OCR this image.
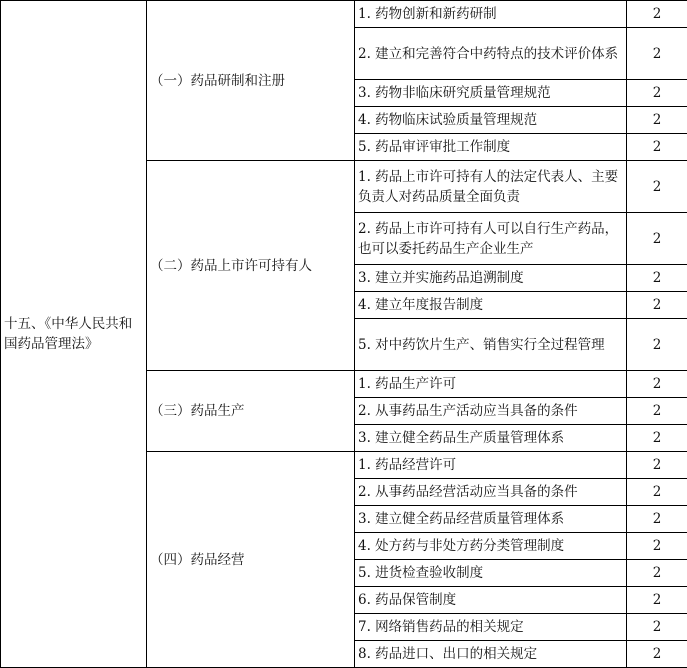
十五、《中华人民共和国药品管理法》	（一）药品研制和注册	1. 药物创新和新药研制	2
		2. 建立和完善符合中药特点的技术评价体系	2
		3. 药物非临床研究质量管理规范	2
		4. 药物临床试验质量管理规范	2
		5. 药品审评审批工作制度	2
	（二）药品上市许可持有人	1. 药品上市许可持有人的法定代表人、主要负责人对药品质量全面负责	2
		2. 药品上市许可持有人可以自行生产药品，也可以委托药品生产企业生产	2
		3. 建立并实施药品追溯制度	2
		4. 建立年度报告制度	2
		5. 对中药饮片生产、销售实行全过程管理	2
	（三）药品生产	1. 药品生产许可	2
		2. 从事药品生产活动应当具备的条件	2
		3. 建立健全药品生产质量管理体系	2
	（四）药品经营	1. 药品经营许可	2
		2. 从事药品经营活动应当具备的条件	2
		3. 建立健全药品经营质量管理体系	2
		4. 处方药与非处方药分类管理制度	2
		5. 进货检查验收制度	2
		6. 药品保管制度	2
		7. 网络销售药品的相关规定	2
		8. 药品进口、出口的相关规定	2
